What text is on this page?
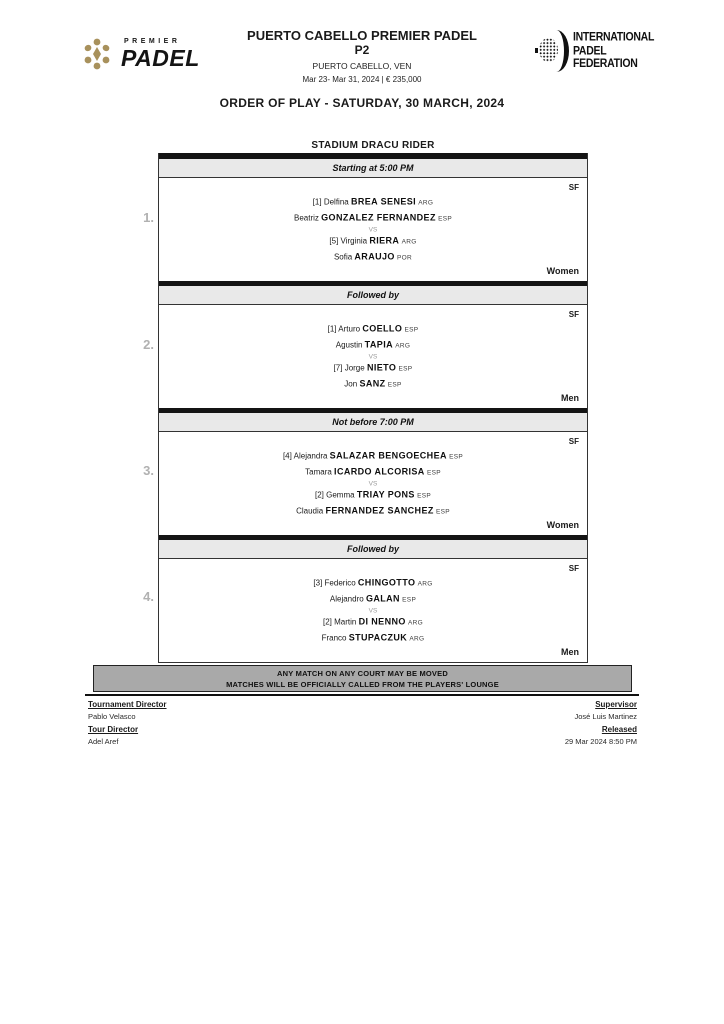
PREMIER
PADEL
PUERTO CABELLO PREMIER PADEL
P2
PUERTO CABELLO, VEN
Mar 23- Mar 31, 2024 | € 235,000
INTERNATIONAL
PADEL
FEDERATION
ORDER OF PLAY - SATURDAY, 30 MARCH, 2024
STADIUM DRACU RIDER
Starting at 5:00 PM
SF
[1] Delfina BREA SENESI ARG
Beatriz GONZALEZ FERNANDEZ ESP
VS
[5] Virginia RIERA ARG
Sofia ARAUJO POR
Women
Followed by
SF
[1] Arturo COELLO ESP
Agustin TAPIA ARG
VS
[7] Jorge NIETO ESP
Jon SANZ ESP
Men
Not before 7:00 PM
SF
[4] Alejandra SALAZAR BENGOECHEA ESP
Tamara ICARDO ALCORISA ESP
VS
[2] Gemma TRIAY PONS ESP
Claudia FERNANDEZ SANCHEZ ESP
Women
Followed by
SF
[3] Federico CHINGOTTO ARG
Alejandro GALAN ESP
VS
[2] Martin DI NENNO ARG
Franco STUPACZUK ARG
Men
1.
2.
3.
4.
ANY MATCH ON ANY COURT MAY BE MOVED
MATCHES WILL BE OFFICIALLY CALLED FROM THE PLAYERS' LOUNGE
Tournament Director
Pablo Velasco
Tour Director
Adel Aref
Supervisor
José Luis Martinez
Released
29 Mar 2024 8:50 PM
